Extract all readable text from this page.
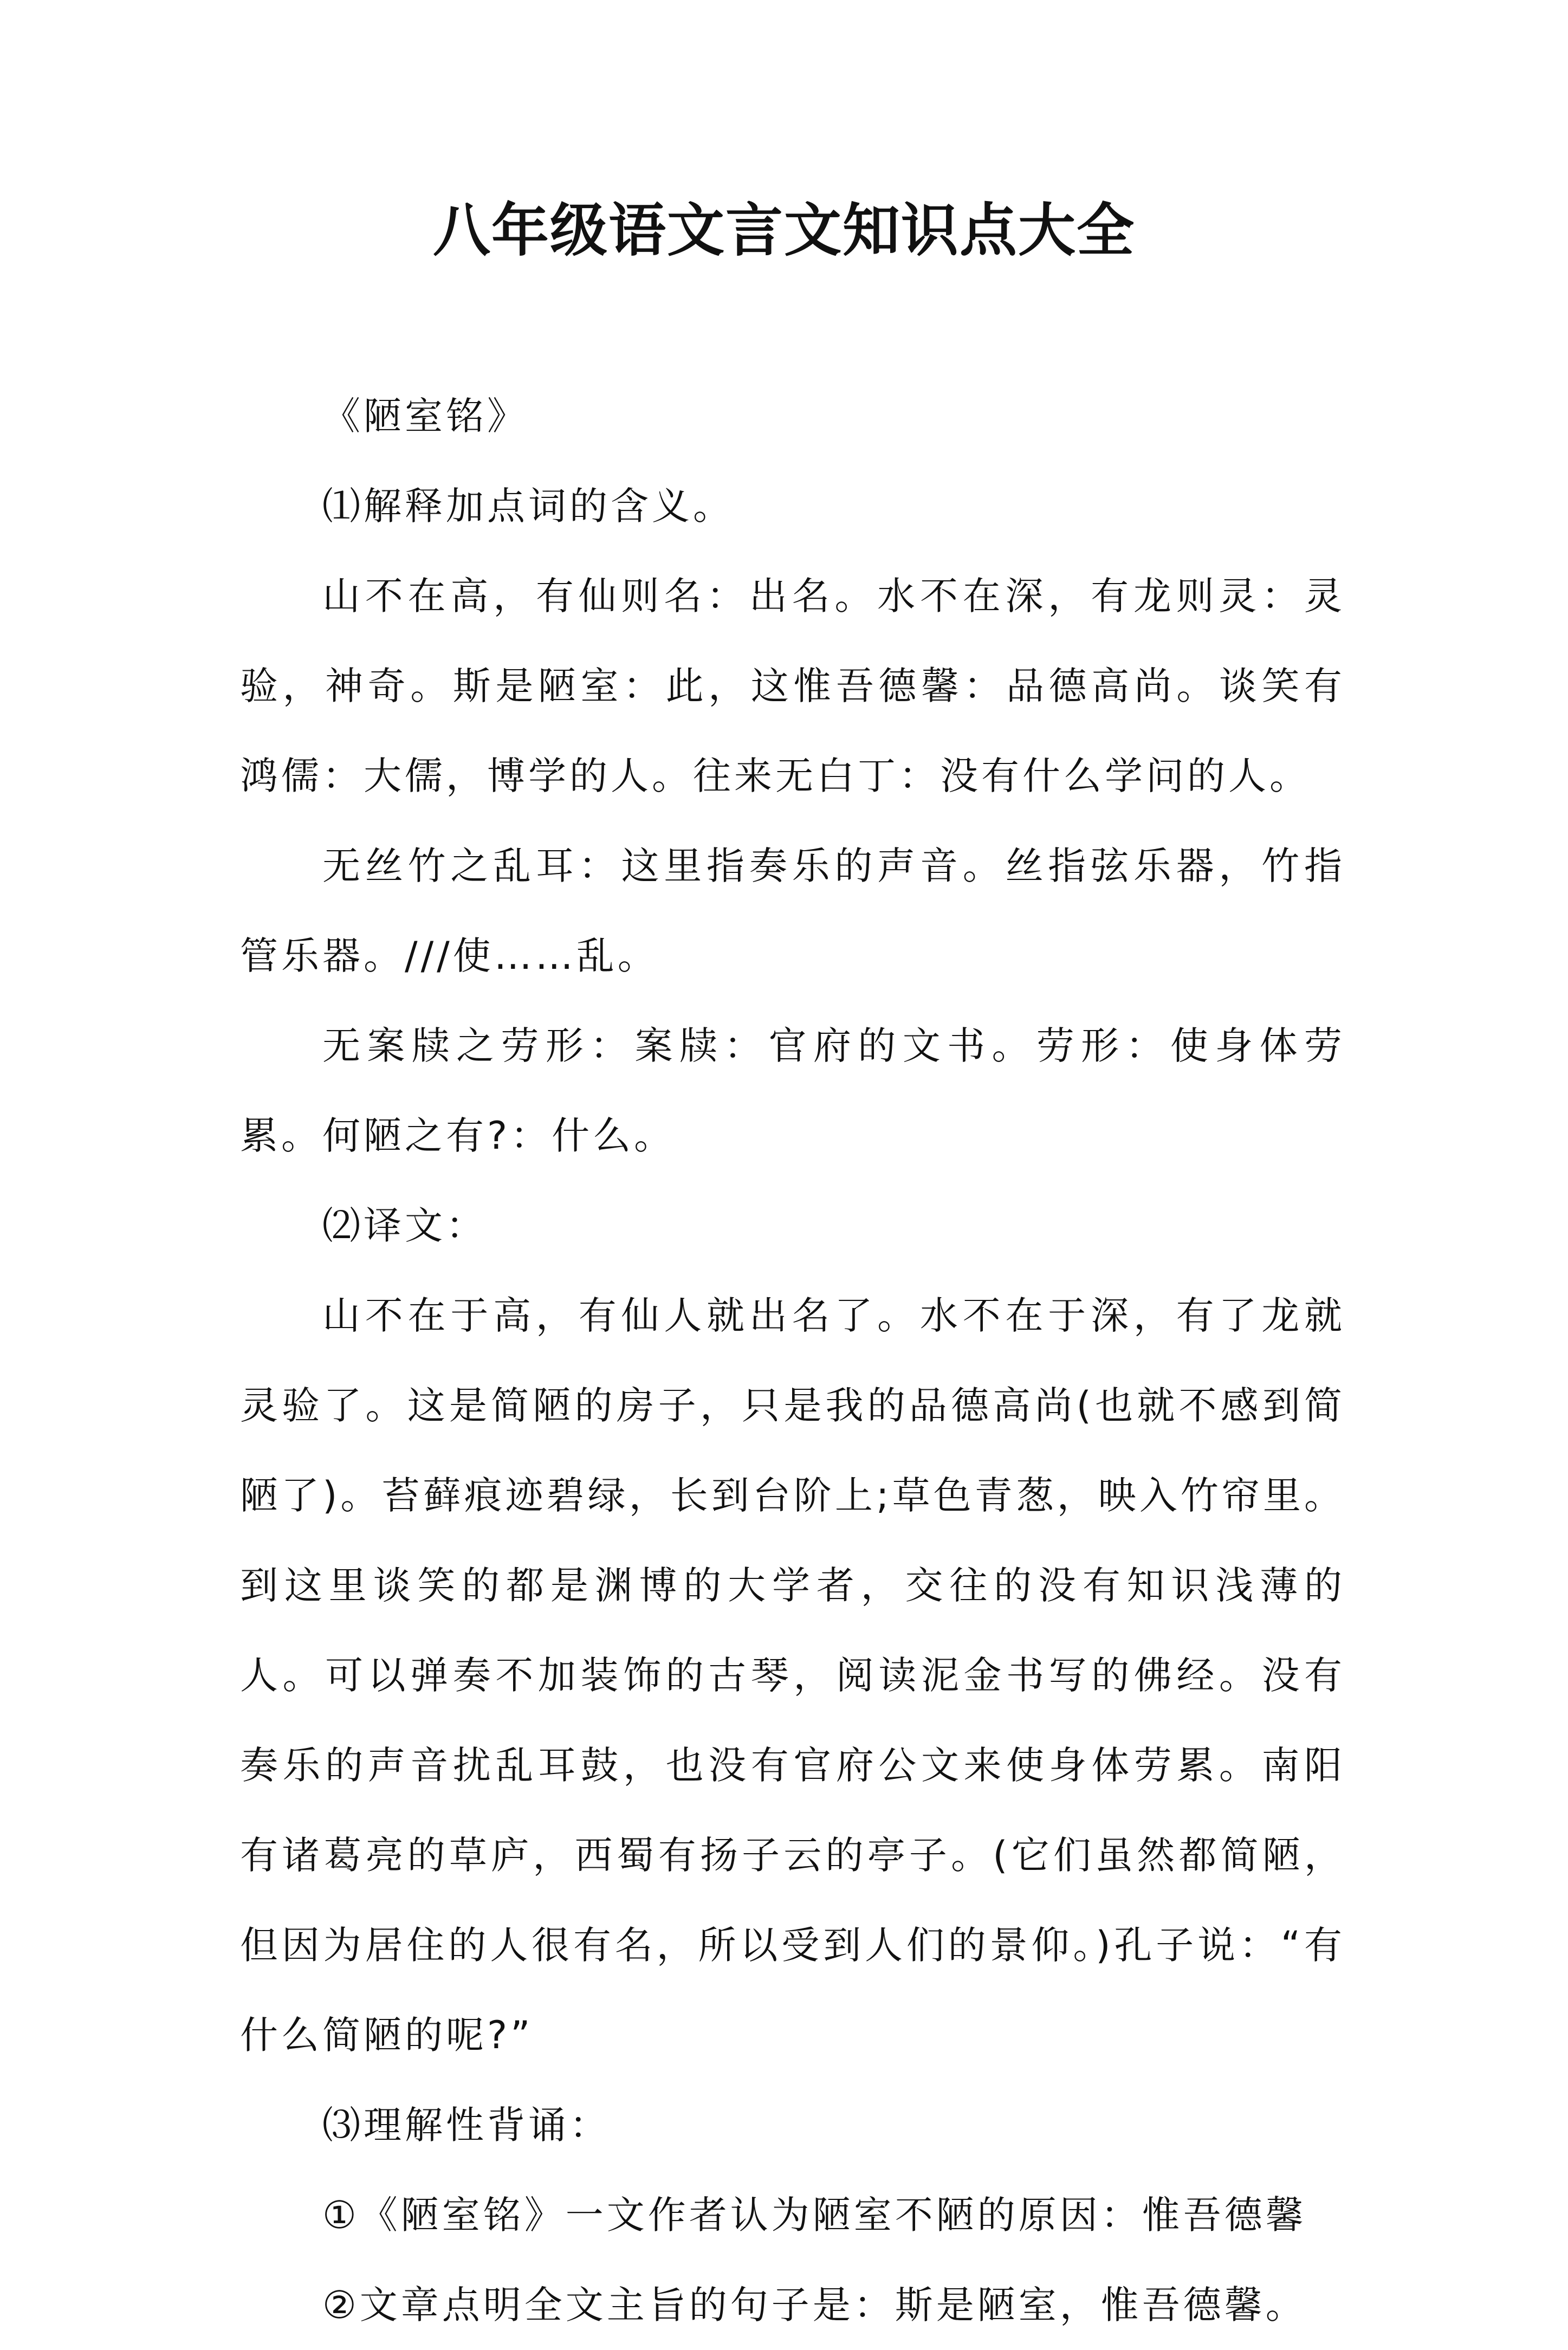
八年级语文言文知识点大全

《陋室铭》

⑴解释加点词的含义。

山不在高，有仙则名：出名。水不在深，有龙则灵：灵验，神奇。斯是陋室：此，这惟吾德馨：品德高尚。谈笑有鸿儒：大儒，博学的人。往来无白丁：没有什么学问的人。

无丝竹之乱耳：这里指奏乐的声音。丝指弦乐器，竹指管乐器。///使……乱。

无案牍之劳形：案牍：官府的文书。劳形：使身体劳累。何陋之有?：什么。

⑵译文：

山不在于高，有仙人就出名了。水不在于深，有了龙就灵验了。这是简陋的房子，只是我的品德高尚(也就不感到简陋了)。苔藓痕迹碧绿，长到台阶上;草色青葱，映入竹帘里。到这里谈笑的都是渊博的大学者，交往的没有知识浅薄的人。可以弹奏不加装饰的古琴，阅读泥金书写的佛经。没有奏乐的声音扰乱耳鼓，也没有官府公文来使身体劳累。南阳有诸葛亮的草庐，西蜀有扬子云的亭子。(它们虽然都简陋，但因为居住的人很有名，所以受到人们的景仰。)孔子说：“有什么简陋的呢?”

⑶理解性背诵：

①《陋室铭》一文作者认为陋室不陋的原因：惟吾德馨

②文章点明全文主旨的句子是：斯是陋室，惟吾德馨。
